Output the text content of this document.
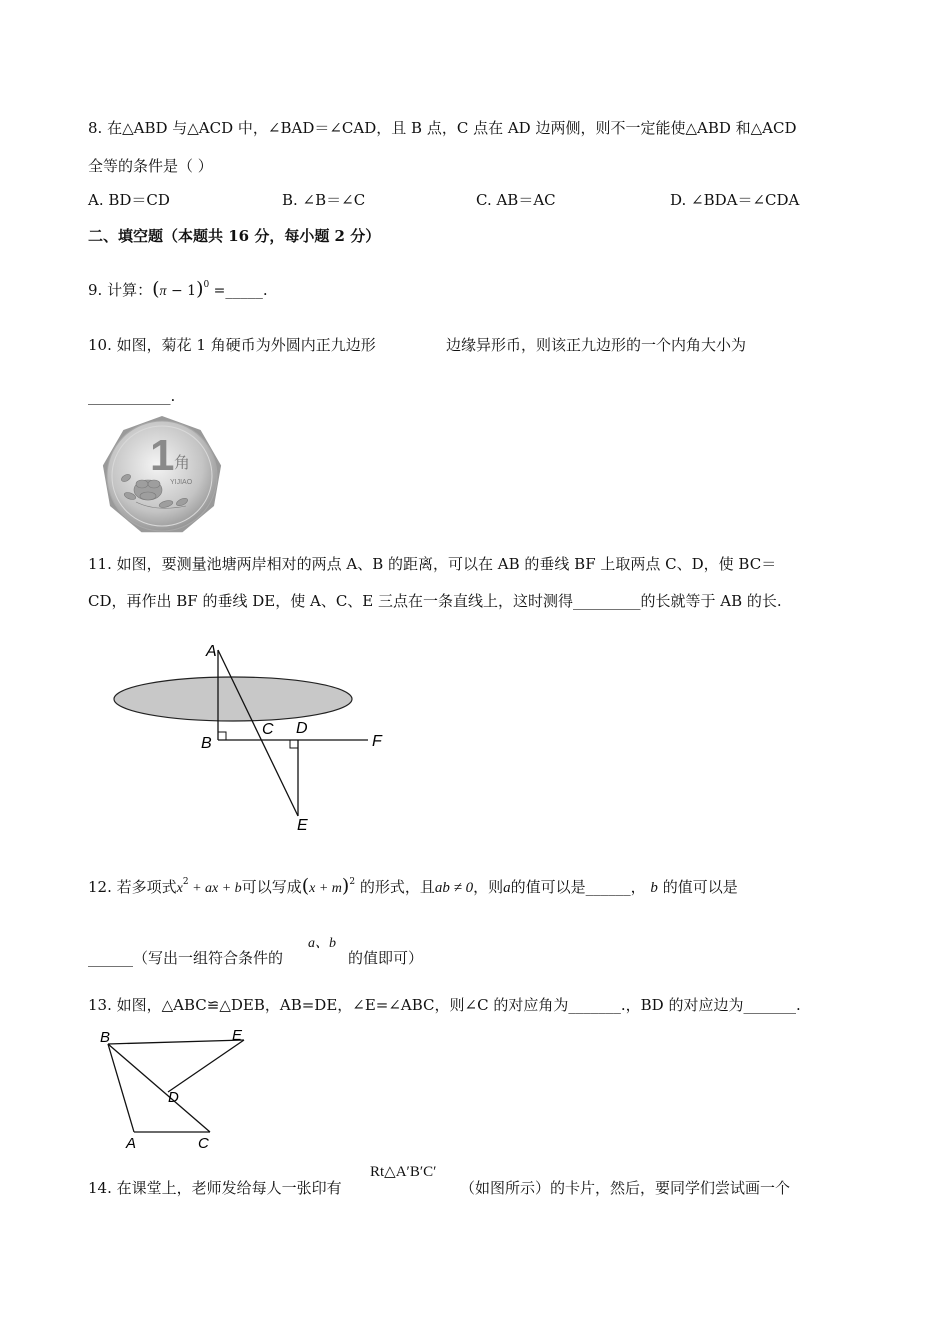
8. 在△ABD 与△ACD 中，∠BAD＝∠CAD，且 B 点，C 点在 AD 边两侧，则不一定能使△ABD 和△ACD
全等的条件是（ ）
A. BD＝CD	B. ∠B＝∠C	C. AB＝AC	D. ∠BDA＝∠CDA
二、填空题（本题共 16 分，每小题 2 分）
9. 计算：$(\pi - 1)^0$ =_____.
10. 如图，菊花 1 角硬币为外圆内正九边形	边缘异形币，则该正九边形的一个内角大小为
___________.
1 角
YIJIAO
11. 如图，要测量池塘两岸相对的两点 A、B 的距离，可以在 AB 的垂线 BF 上取两点 C、D，使 BC＝
CD，再作出 BF 的垂线 DE，使 A、C、E 三点在一条直线上，这时测得_________的长就等于 AB 的长.
A
B
C D
E
F
12. 若多项式$x^2$ + ax + b可以写成$(x + m)^2$ 的形式，且ab ≠ 0，则a的值可以是______， b 的值可以是
______（写出一组符合条件的
a、b
的值即可）
13. 如图，△ABC≌△DEB，AB=DE，∠E=∠ABC，则∠C 的对应角为_______.，BD 的对应边为_______.
B	E
D
A	C
14. 在课堂上，老师发给每人一张印有
Rt△A′B′C′
（如图所示）的卡片，然后，要同学们尝试画一个
